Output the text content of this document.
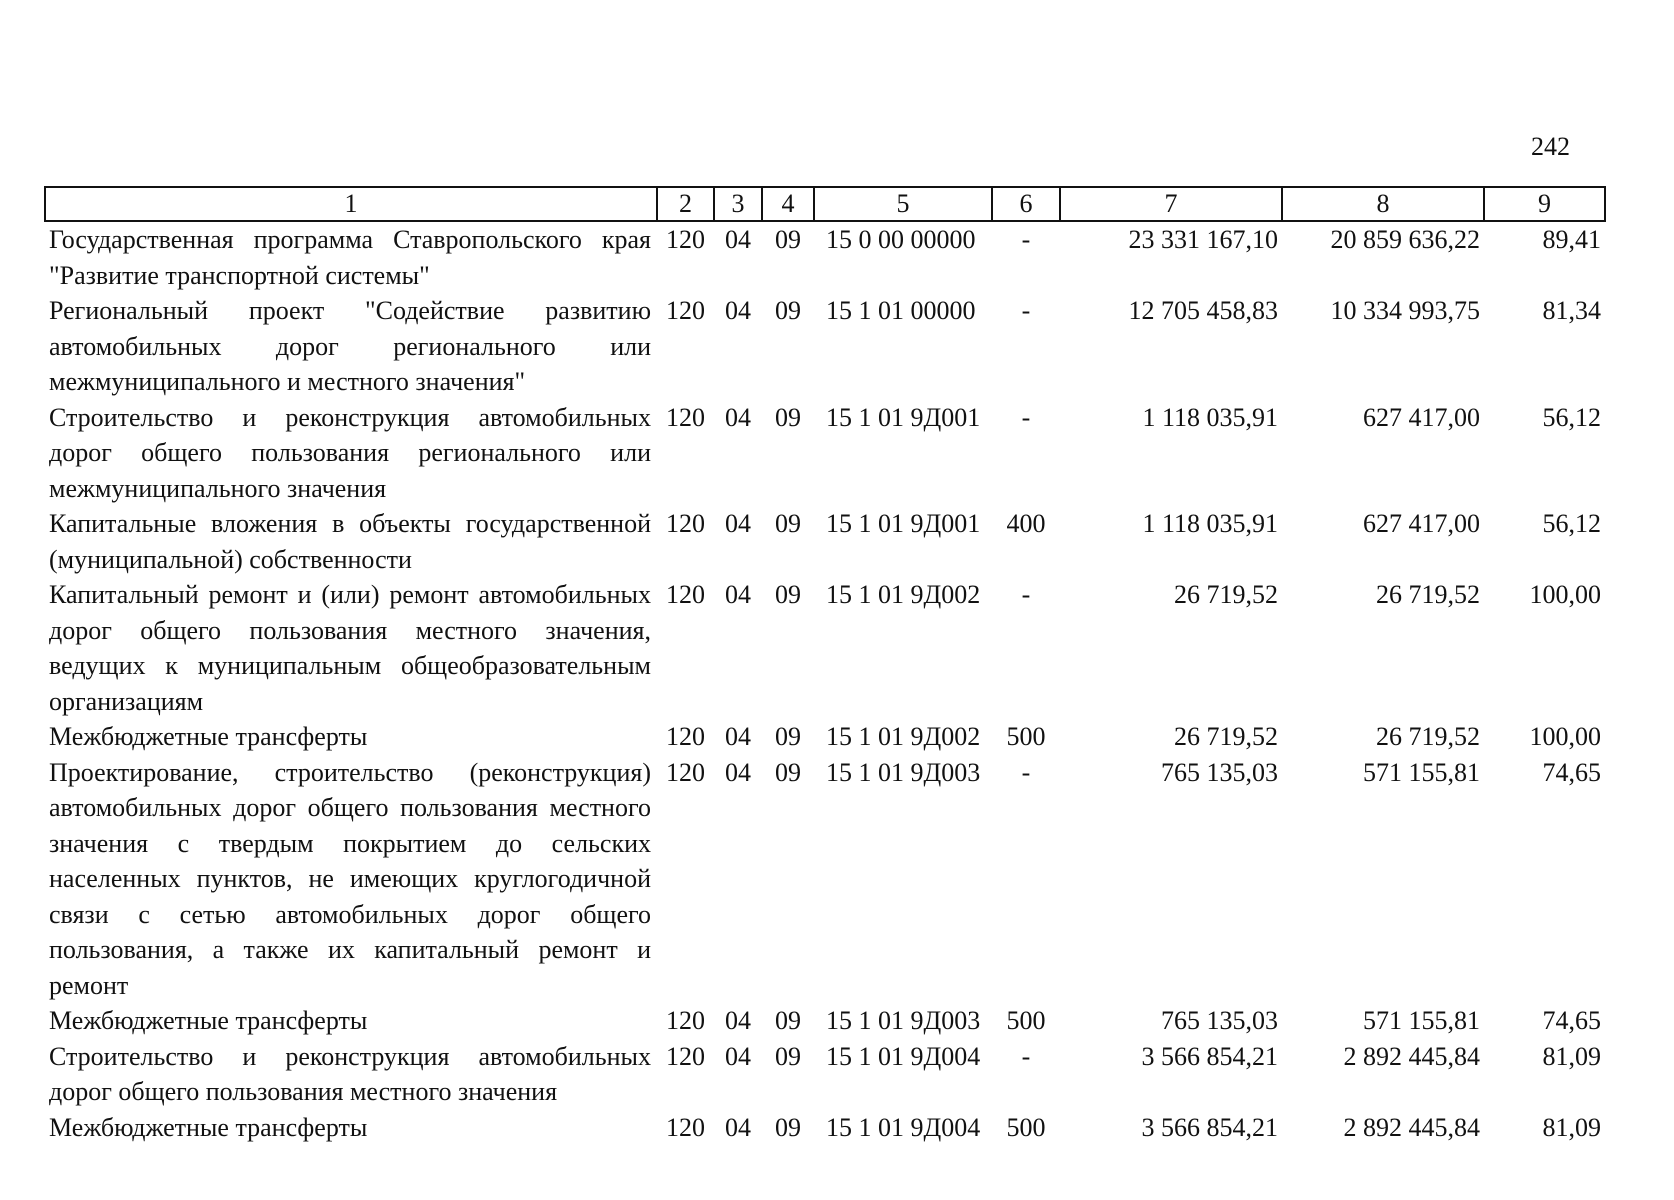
242
1	2	3	4	5	6	7	8	9
Государственная программа Ставропольского края "Развитие транспортной системы"	120	04	09	15 0 00 00000	-	23 331 167,10	20 859 636,22	89,41
Региональный проект "Содействие развитию автомобильных дорог регионального или межмуниципального и местного значения"	120	04	09	15 1 01 00000	-	12 705 458,83	10 334 993,75	81,34
Строительство и реконструкция автомобильных дорог общего пользования регионального или межмуниципального значения	120	04	09	15 1 01 9Д001	-	1 118 035,91	627 417,00	56,12
Капитальные вложения в объекты государственной (муниципальной) собственности	120	04	09	15 1 01 9Д001	400	1 118 035,91	627 417,00	56,12
Капитальный ремонт и (или) ремонт автомобильных дорог общего пользования местного значения, ведущих к муниципальным общеобразовательным организациям	120	04	09	15 1 01 9Д002	-	26 719,52	26 719,52	100,00
Межбюджетные трансферты	120	04	09	15 1 01 9Д002	500	26 719,52	26 719,52	100,00
Проектирование, строительство (реконструкция) автомобильных дорог общего пользования местного значения с твердым покрытием до сельских населенных пунктов, не имеющих круглогодичной связи с сетью автомобильных дорог общего пользования, а также их капитальный ремонт и ремонт	120	04	09	15 1 01 9Д003	-	765 135,03	571 155,81	74,65
Межбюджетные трансферты	120	04	09	15 1 01 9Д003	500	765 135,03	571 155,81	74,65
Строительство и реконструкция автомобильных дорог общего пользования местного значения	120	04	09	15 1 01 9Д004	-	3 566 854,21	2 892 445,84	81,09
Межбюджетные трансферты	120	04	09	15 1 01 9Д004	500	3 566 854,21	2 892 445,84	81,09
